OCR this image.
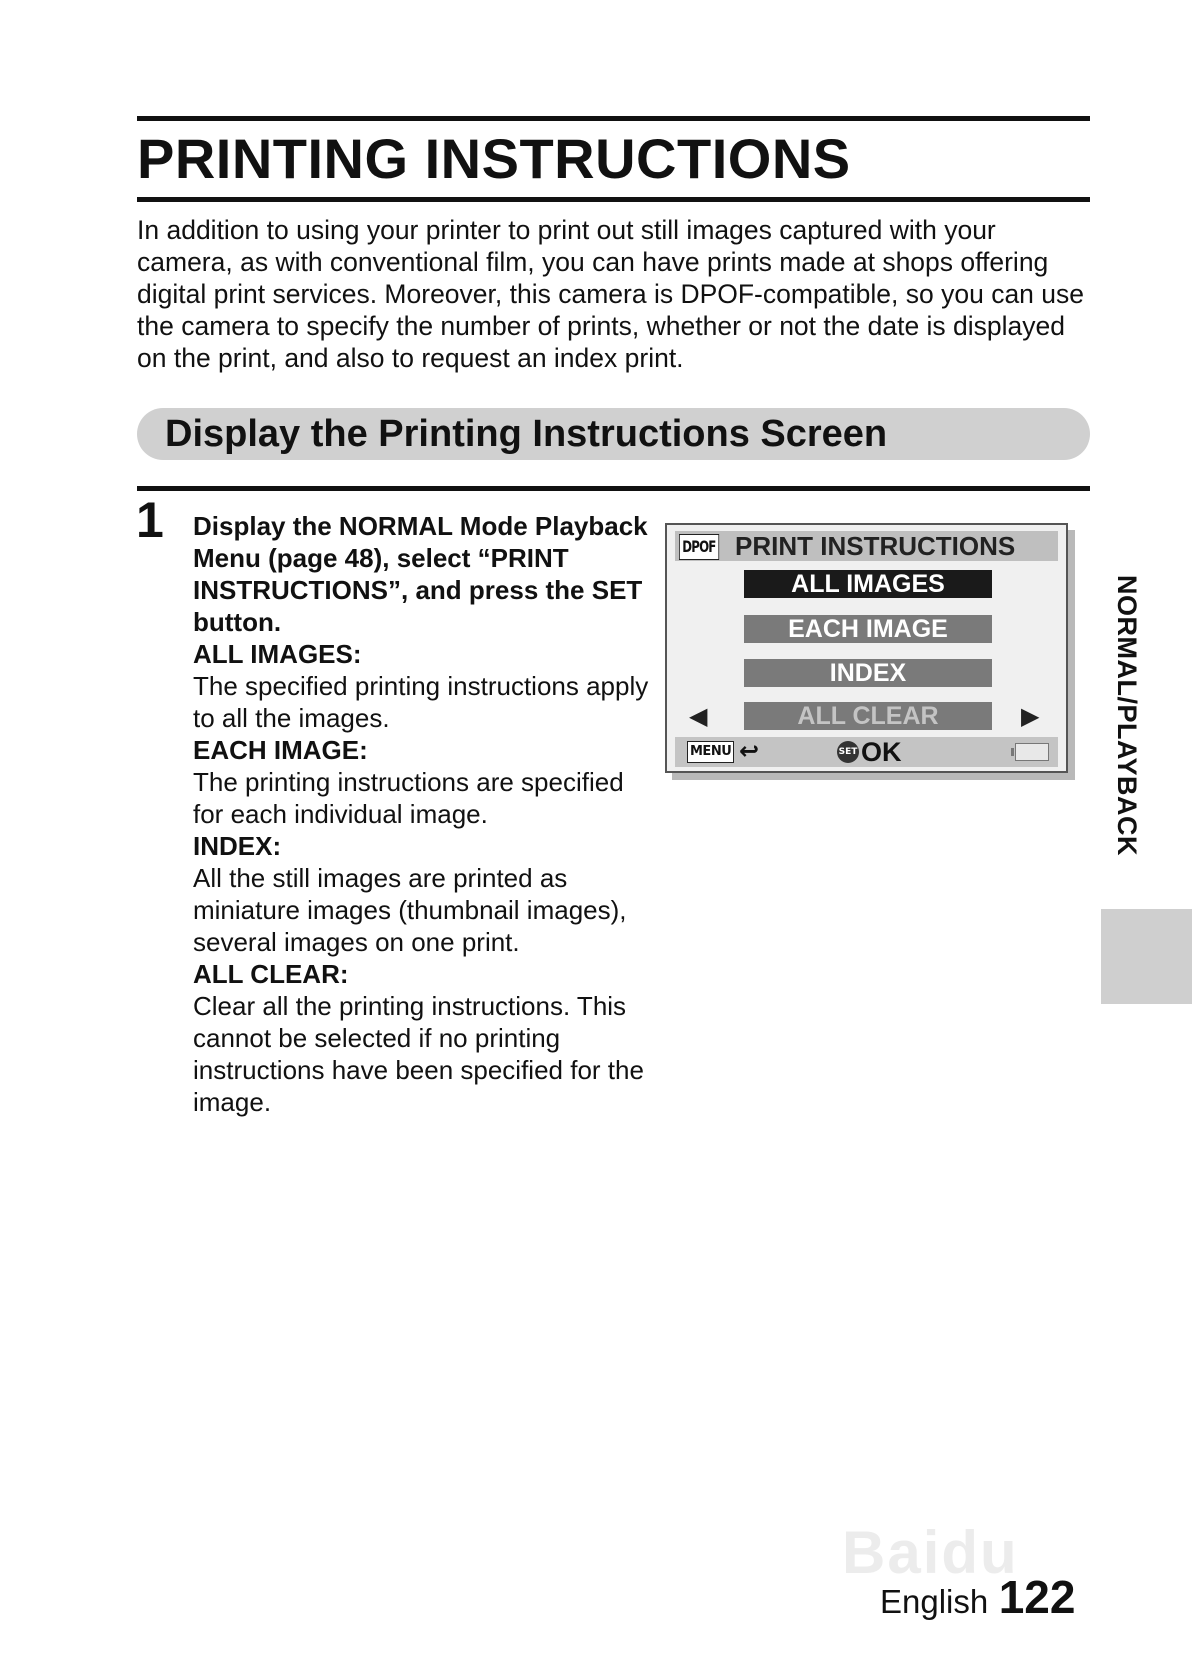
PRINTING INSTRUCTIONS

In addition to using your printer to print out still images captured with your camera, as with conventional film, you can have prints made at shops offering digital print services. Moreover, this camera is DPOF-compatible, so you can use the camera to specify the number of prints, whether or not the date is displayed on the print, and also to request an index print.

Display the Printing Instructions Screen
1 Display the NORMAL Mode Playback Menu (page 48), select “PRINT INSTRUCTIONS”, and press the SET button.

ALL IMAGES:

The specified printing instructions apply to all the images.

EACH IMAGE:

The printing instructions are specified for each individual image.

INDEX:

All the still images are printed as miniature images (thumbnail images), several images on one print.

ALL CLEAR:

Clear all the printing instructions. This cannot be selected if no printing instructions have been specified for the image.

DPOF PRINT INSTRUCTIONS
ALL IMAGES
EACH IMAGE
INDEX
ALL CLEAR
◀	▶
MENU ↩	SET OK	NORMAL/PLAYBACK
Baidu
English 122
